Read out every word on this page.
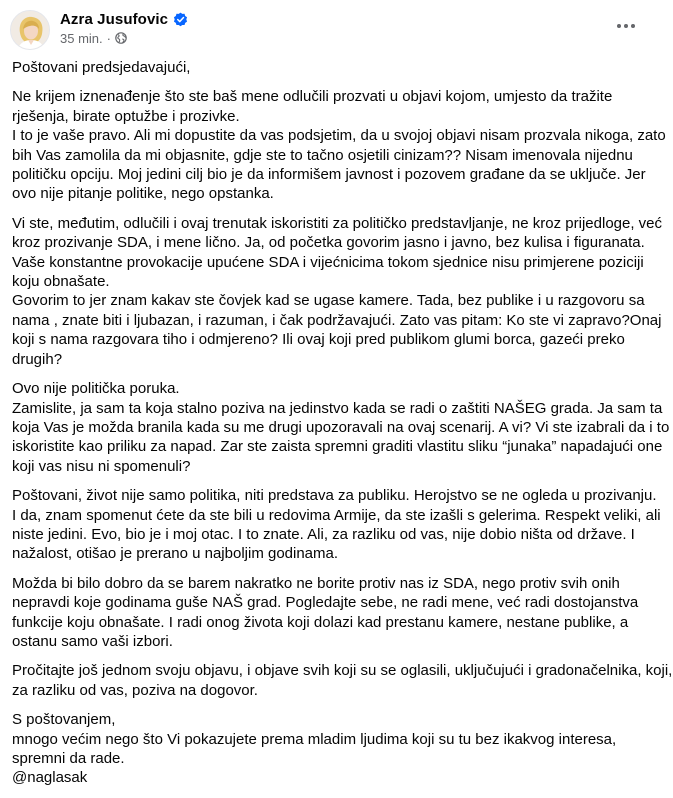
Azra Jusufovic
35 min. ·

Poštovani predsjedavajući,

Ne krijem iznenađenje što ste baš mene odlučili prozvati u objavi kojom, umjesto da tražite
rješenja, birate optužbe i prozivke.
I to je vaše pravo. Ali mi dopustite da vas podsjetim, da u svojoj objavi nisam prozvala nikoga, zato
bih Vas zamolila da mi objasnite, gdje ste to tačno osjetili cinizam?? Nisam imenovala nijednu
političku opciju. Moj jedini cilj bio je da informišem javnost i pozovem građane da se uključe. Jer
ovo nije pitanje politike, nego opstanka.

Vi ste, međutim, odlučili i ovaj trenutak iskoristiti za političko predstavljanje, ne kroz prijedloge, već
kroz prozivanje SDA, i mene lično. Ja, od početka govorim jasno i javno, bez kulisa i figuranata.
Vaše konstantne provokacije upućene SDA i vijećnicima tokom sjednice nisu primjerene poziciji
koju obnašate.
Govorim to jer znam kakav ste čovjek kad se ugase kamere. Tada, bez publike i u razgovoru sa
nama , znate biti i ljubazan, i razuman, i čak podržavajući. Zato vas pitam: Ko ste vi zapravo?Onaj
koji s nama razgovara tiho i odmjereno? Ili ovaj koji pred publikom glumi borca, gazeći preko
drugih?

Ovo nije politička poruka.
Zamislite, ja sam ta koja stalno poziva na jedinstvo kada se radi o zaštiti NAŠEG grada. Ja sam ta
koja Vas je možda branila kada su me drugi upozoravali na ovaj scenarij. A vi? Vi ste izabrali da i to
iskoristite kao priliku za napad. Zar ste zaista spremni graditi vlastitu sliku “junaka” napadajući one
koji vas nisu ni spomenuli?

Poštovani, život nije samo politika, niti predstava za publiku. Herojstvo se ne ogleda u prozivanju.
I da, znam spomenut ćete da ste bili u redovima Armije, da ste izašli s gelerima. Respekt veliki, ali
niste jedini. Evo, bio je i moj otac. I to znate. Ali, za razliku od vas, nije dobio ništa od države. I
nažalost, otišao je prerano u najboljim godinama.

Možda bi bilo dobro da se barem nakratko ne borite protiv nas iz SDA, nego protiv svih onih
nepravdi koje godinama guše NAŠ grad. Pogledajte sebe, ne radi mene, već radi dostojanstva
funkcije koju obnašate. I radi onog života koji dolazi kad prestanu kamere, nestane publike, a
ostanu samo vaši izbori.

Pročitajte još jednom svoju objavu, i objave svih koji su se oglasili, uključujući i gradonačelnika, koji,
za razliku od vas, poziva na dogovor.

S poštovanjem,
mnogo većim nego što Vi pokazujete prema mladim ljudima koji su tu bez ikakvog interesa,
spremni da rade.
@naglasak
